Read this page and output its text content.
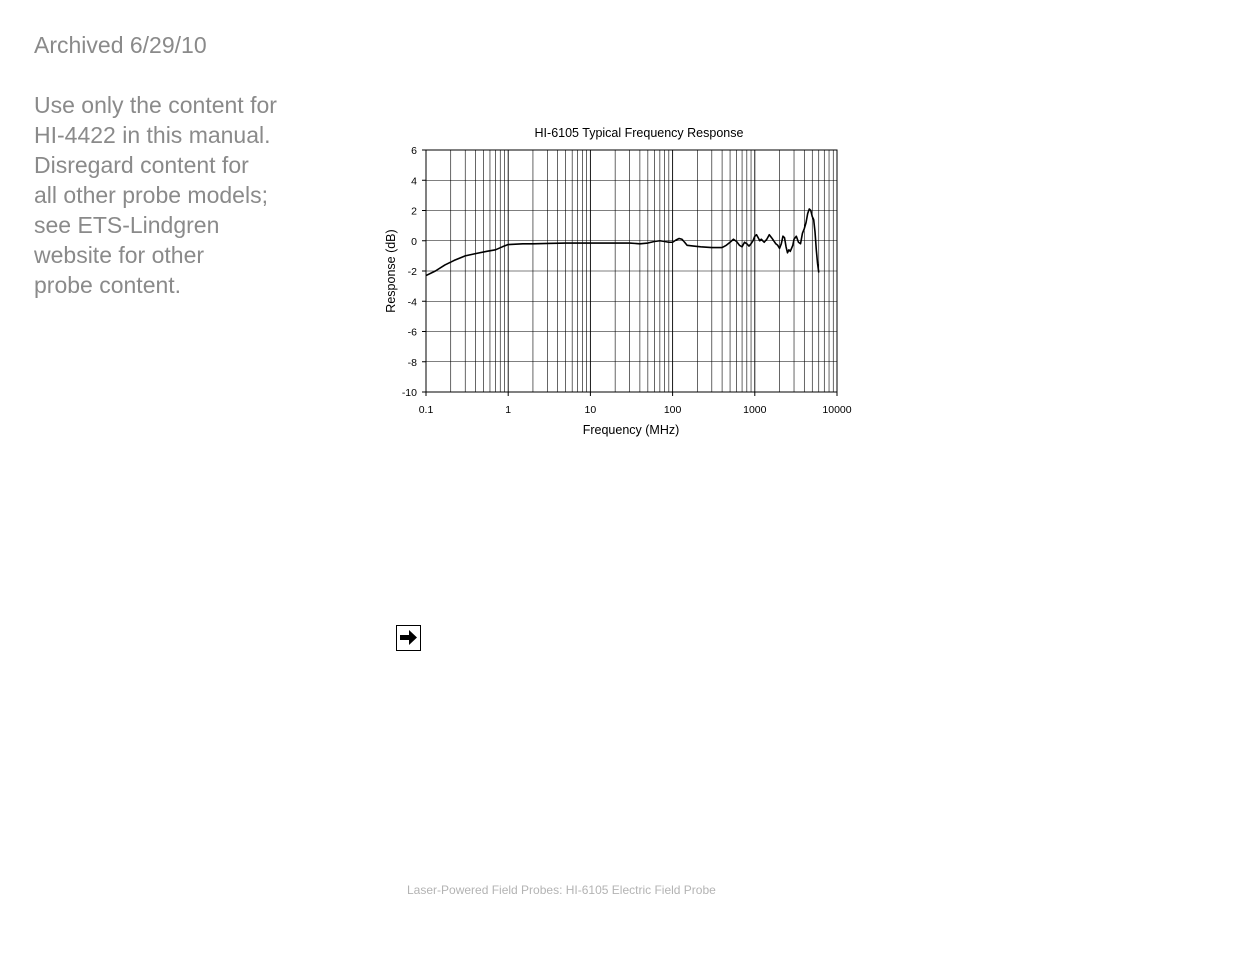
Archived 6/29/10

Use only the content for
HI-4422 in this manual.
Disregard content for
all other probe models;
see ETS-Lindgren
website for other
probe content.

HI-6105 Typical Frequency Response
-10
-8
-6
-4
-2
0
2
4
6
0.1	1	10	100	1000	10000
Frequency (MHz)
Response (dB)
Laser-Powered Field Probes: HI-6105 Electric Field Probe
